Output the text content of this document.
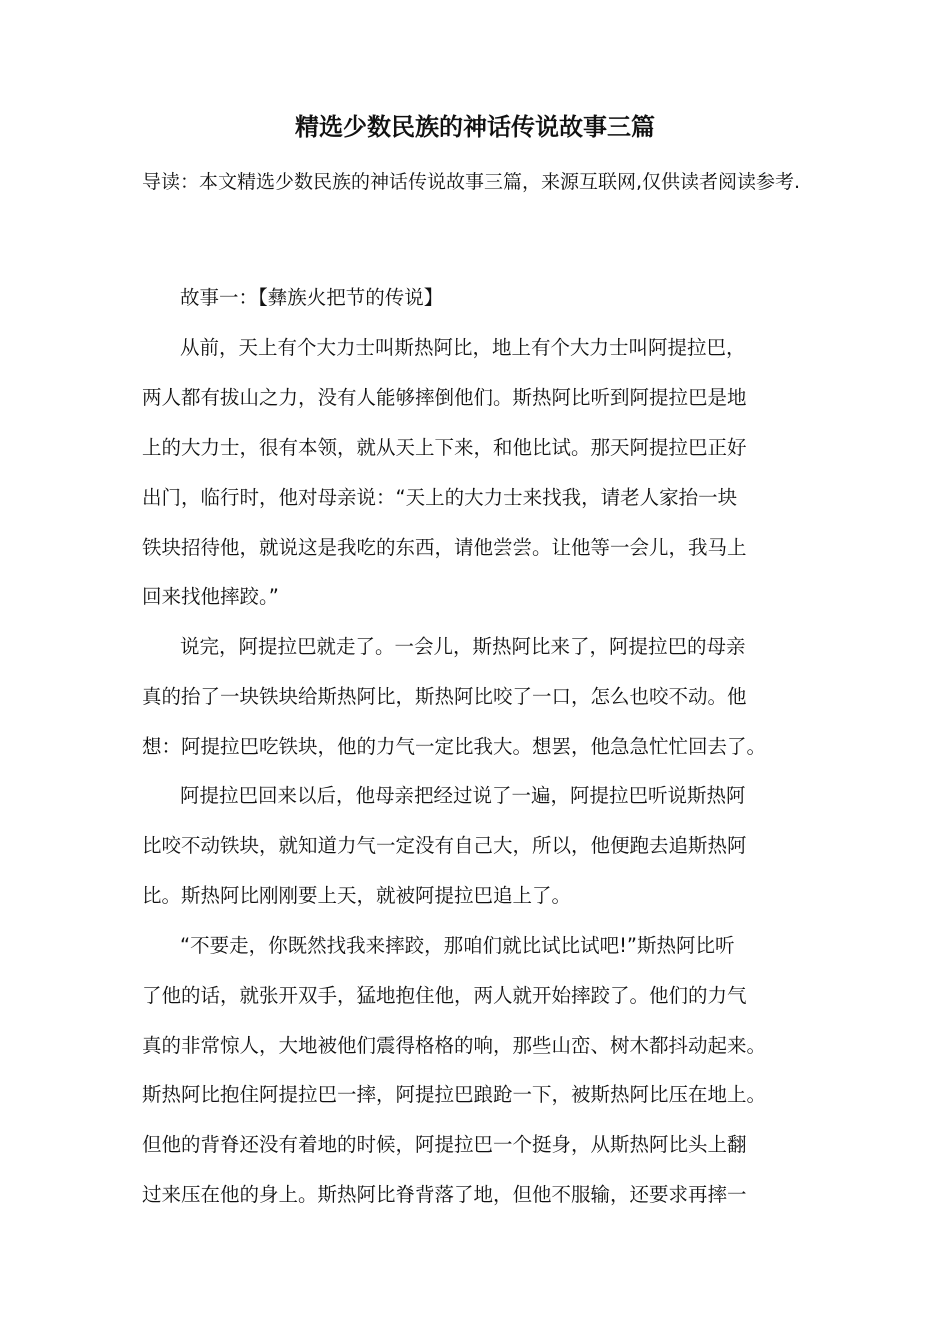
精选少数民族的神话传说故事三篇

导读：本文精选少数民族的神话传说故事三篇，来源互联网,仅供读者阅读参考.

故事一：【彝族火把节的传说】

从前，天上有个大力士叫斯热阿比，地上有个大力士叫阿提拉巴，

两人都有拔山之力，没有人能够摔倒他们。斯热阿比听到阿提拉巴是地

上的大力士，很有本领，就从天上下来，和他比试。那天阿提拉巴正好

出门，临行时，他对母亲说：“天上的大力士来找我，请老人家抬一块

铁块招待他，就说这是我吃的东西，请他尝尝。让他等一会儿，我马上

回来找他摔跤。”

说完，阿提拉巴就走了。一会儿，斯热阿比来了，阿提拉巴的母亲

真的抬了一块铁块给斯热阿比，斯热阿比咬了一口，怎么也咬不动。他

想：阿提拉巴吃铁块，他的力气一定比我大。想罢，他急急忙忙回去了。

阿提拉巴回来以后，他母亲把经过说了一遍，阿提拉巴听说斯热阿

比咬不动铁块，就知道力气一定没有自己大，所以，他便跑去追斯热阿

比。斯热阿比刚刚要上天，就被阿提拉巴追上了。

“不要走，你既然找我来摔跤，那咱们就比试比试吧!”斯热阿比听

了他的话，就张开双手，猛地抱住他，两人就开始摔跤了。他们的力气

真的非常惊人，大地被他们震得格格的响，那些山峦、树木都抖动起来。

斯热阿比抱住阿提拉巴一摔，阿提拉巴踉跄一下，被斯热阿比压在地上。

但他的背脊还没有着地的时候，阿提拉巴一个挺身，从斯热阿比头上翻

过来压在他的身上。斯热阿比脊背落了地，但他不服输，还要求再摔一
